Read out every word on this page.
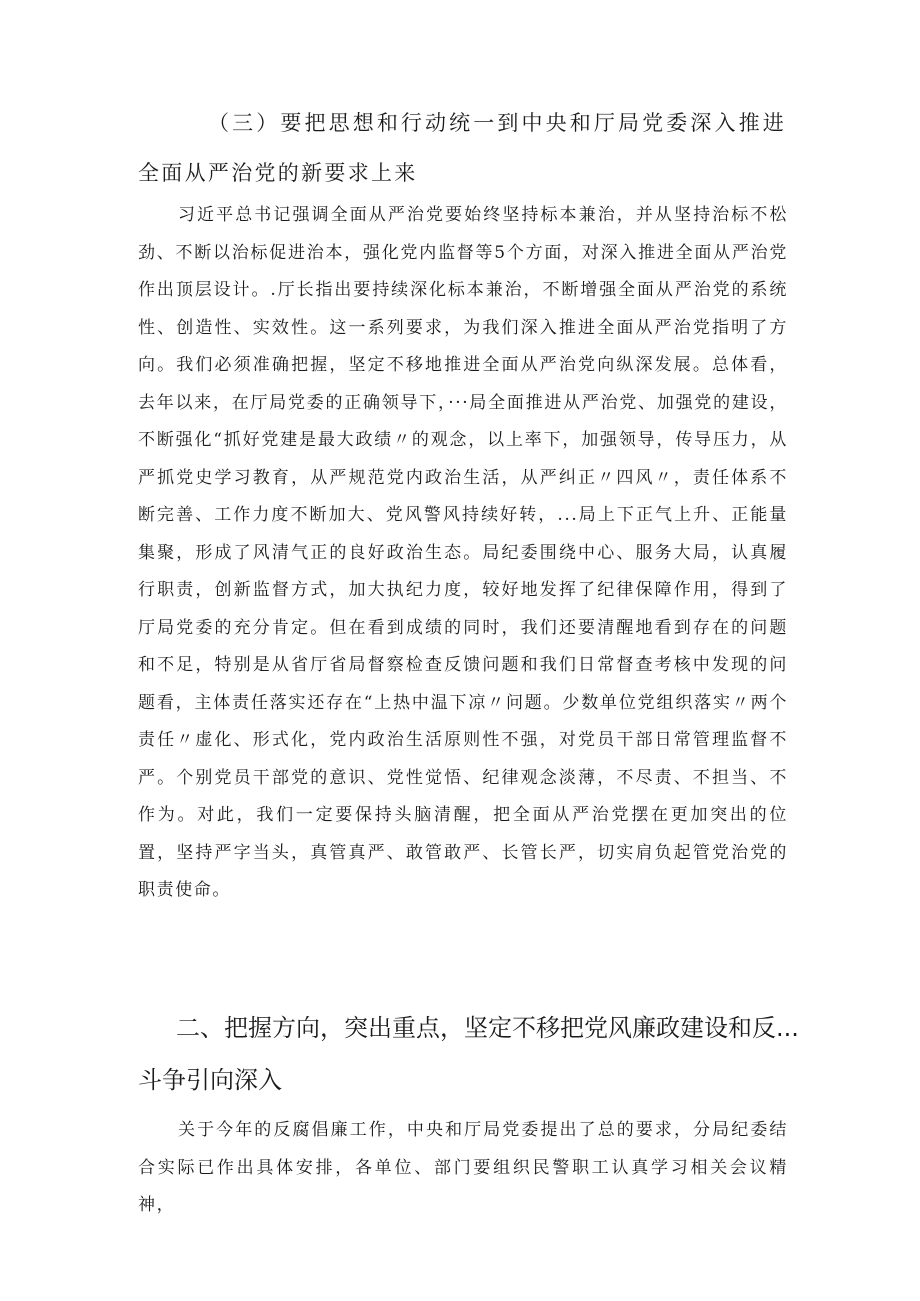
（三）要把思想和行动统一到中央和厅局党委深入推进全面从严治党的新要求上来

习近平总书记强调全面从严治党要始终坚持标本兼治，并从坚持治标不松劲、不断以治标促进治本，强化党内监督等5个方面，对深入推进全面从严治党作出顶层设计。.厅长指出要持续深化标本兼治，不断增强全面从严治党的系统性、创造性、实效性。这一系列要求，为我们深入推进全面从严治党指明了方向。我们必须准确把握，坚定不移地推进全面从严治党向纵深发展。总体看，去年以来，在厅局党委的正确领导下，···局全面推进从严治党、加强党的建设，不断强化“抓好党建是最大政绩〃的观念，以上率下，加强领导，传导压力，从严抓党史学习教育，从严规范党内政治生活，从严纠正〃四风〃，责任体系不断完善、工作力度不断加大、党风警风持续好转，...局上下正气上升、正能量集聚，形成了风清气正的良好政治生态。局纪委围绕中心、服务大局，认真履行职责，创新监督方式，加大执纪力度，较好地发挥了纪律保障作用，得到了厅局党委的充分肯定。但在看到成绩的同时，我们还要清醒地看到存在的问题和不足，特别是从省厅省局督察检查反馈问题和我们日常督查考核中发现的问题看，主体责任落实还存在“上热中温下凉〃问题。少数单位党组织落实〃两个责任〃虚化、形式化，党内政治生活原则性不强，对党员干部日常管理监督不严。个别党员干部党的意识、党性觉悟、纪律观念淡薄，不尽责、不担当、不作为。对此，我们一定要保持头脑清醒，把全面从严治党摆在更加突出的位置，坚持严字当头，真管真严、敢管敢严、长管长严，切实肩负起管党治党的职责使命。

二、把握方向，突出重点，坚定不移把党风廉政建设和反...
斗争引向深入

关于今年的反腐倡廉工作，中央和厅局党委提出了总的要求，分局纪委结合实际已作出具体安排，各单位、部门要组织民警职工认真学习相关会议精神，
